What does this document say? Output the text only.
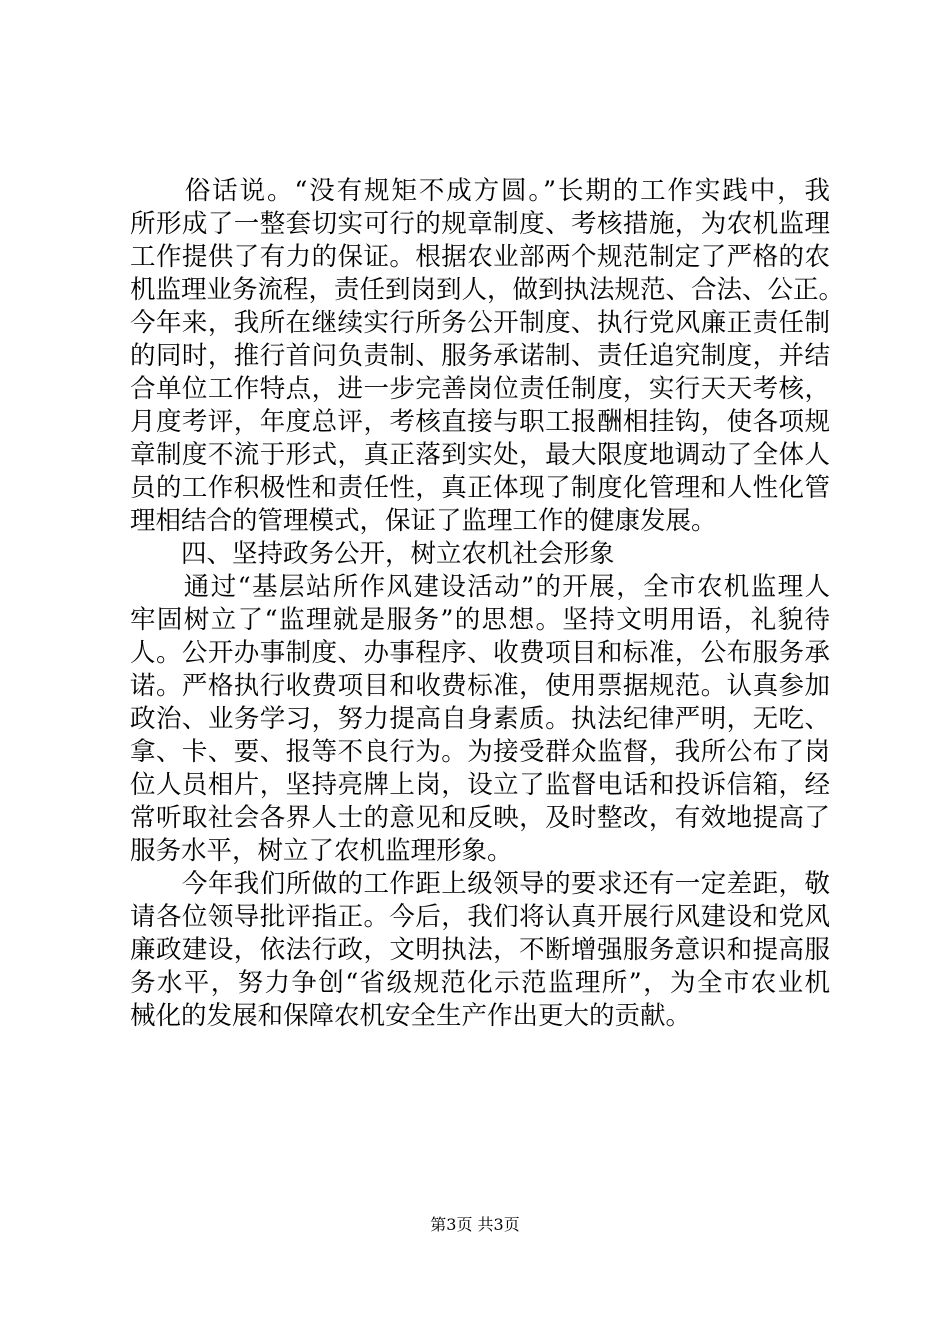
　　俗话说。“没有规矩不成方圆。”长期的工作实践中，我
所形成了一整套切实可行的规章制度、考核措施，为农机监理
工作提供了有力的保证。根据农业部两个规范制定了严格的农
机监理业务流程，责任到岗到人，做到执法规范、合法、公正。
今年来，我所在继续实行所务公开制度、执行党风廉正责任制
的同时，推行首问负责制、服务承诺制、责任追究制度，并结
合单位工作特点，进一步完善岗位责任制度，实行天天考核，
月度考评，年度总评，考核直接与职工报酬相挂钩，使各项规
章制度不流于形式，真正落到实处，最大限度地调动了全体人
员的工作积极性和责任性，真正体现了制度化管理和人性化管
理相结合的管理模式，保证了监理工作的健康发展。
　　四、坚持政务公开，树立农机社会形象
　　通过“基层站所作风建设活动”的开展，全市农机监理人
牢固树立了“监理就是服务”的思想。坚持文明用语，礼貌待
人。公开办事制度、办事程序、收费项目和标准，公布服务承
诺。严格执行收费项目和收费标准，使用票据规范。认真参加
政治、业务学习，努力提高自身素质。执法纪律严明，无吃、
拿、卡、要、报等不良行为。为接受群众监督，我所公布了岗
位人员相片，坚持亮牌上岗，设立了监督电话和投诉信箱，经
常听取社会各界人士的意见和反映，及时整改，有效地提高了
服务水平，树立了农机监理形象。
　　今年我们所做的工作距上级领导的要求还有一定差距，敬
请各位领导批评指正。今后，我们将认真开展行风建设和党风
廉政建设，依法行政，文明执法，不断增强服务意识和提高服
务水平，努力争创“省级规范化示范监理所”，为全市农业机
械化的发展和保障农机安全生产作出更大的贡献。
第3页 共3页
